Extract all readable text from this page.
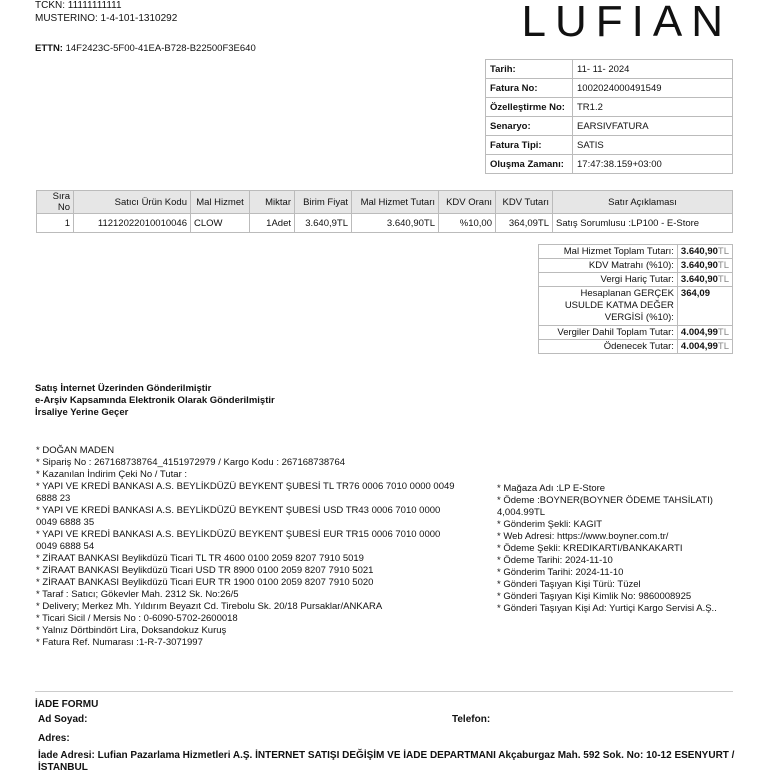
TCKN: 11111111111
MUSTERINO: 1-4-101-1310292	LUFIAN
ETTN: 14F2423C-5F00-41EA-B728-B22500F3E640
Tarih:	11- 11- 2024
Fatura No:	1002024000491549
Özelleştirme No:	TR1.2
Senaryo:	EARSIVFATURA
Fatura Tipi:	SATIS
Oluşma Zamanı:	17:47:38.159+03:00
Sıra No	Satıcı Ürün Kodu	Mal Hizmet	Miktar	Birim Fiyat	Mal Hizmet Tutarı	KDV Oranı	KDV Tutarı	Satır Açıklaması
1	11212022010010046	CLOW	1Adet	3.640,9TL	3.640,90TL	%10,00	364,09TL	Satış Sorumlusu :LP100 - E-Store
Mal Hizmet Toplam Tutarı:	3.640,90TL
KDV Matrahı (%10):	3.640,90TL
Vergi Hariç Tutar:	3.640,90TL
Hesaplanan GERÇEK USULDE KATMA DEĞER VERGİSİ (%10):	364,09
Vergiler Dahil Toplam Tutar:	4.004,99TL
Ödenecek Tutar:	4.004,99TL
Satış İnternet Üzerinden Gönderilmiştir
e-Arşiv Kapsamında Elektronik Olarak Gönderilmiştir
İrsaliye Yerine Geçer
* DOĞAN MADEN
* Sipariş No : 267168738764_4151972979 / Kargo Kodu : 267168738764
* Kazanılan İndirim Çeki No / Tutar :
* YAPI VE KREDİ BANKASI A.S. BEYLİKDÜZÜ BEYKENT ŞUBESİ TL TR76 0006 7010 0000 0049 6888 23
* YAPI VE KREDİ BANKASI A.S. BEYLİKDÜZÜ BEYKENT ŞUBESİ USD TR43 0006 7010 0000 0049 6888 35
* YAPI VE KREDİ BANKASI A.S. BEYLİKDÜZÜ BEYKENT ŞUBESİ EUR TR15 0006 7010 0000 0049 6888 54
* ZİRAAT BANKASI Beylikdüzü Ticari TL TR 4600 0100 2059 8207 7910 5019
* ZİRAAT BANKASI Beylikdüzü Ticari USD TR 8900 0100 2059 8207 7910 5021
* ZİRAAT BANKASI Beylikdüzü Ticari EUR TR 1900 0100 2059 8207 7910 5020
* Taraf : Satıcı; Gökevler Mah. 2312 Sk. No:26/5
* Delivery; Merkez Mh. Yıldırım Beyazıt Cd. Tirebolu Sk. 20/18 Pursaklar/ANKARA
* Ticari Sicil / Mersis No : 0-6090-5702-2600018
* Yalnız Dörtbindört Lira, Doksandokuz Kuruş
* Fatura Ref. Numarası :1-R-7-3071997
* Mağaza Adı :LP E-Store
* Ödeme :BOYNER(BOYNER ÖDEME TAHSİLATI) 4,004.99TL
* Gönderim Şekli: KAGIT
* Web Adresi: https://www.boyner.com.tr/
* Ödeme Şekli: KREDIKARTI/BANKAKARTI
* Ödeme Tarihi: 2024-11-10
* Gönderim Tarihi: 2024-11-10
* Gönderi Taşıyan Kişi Türü: Tüzel
* Gönderi Taşıyan Kişi Kimlik No: 9860008925
* Gönderi Taşıyan Kişi Ad: Yurtiçi Kargo Servisi A.Ş..
İADE FORMU
Ad Soyad:	Telefon:
Adres:
İade Adresi: Lufian Pazarlama Hizmetleri A.Ş. İNTERNET SATIŞI DEĞİŞİM VE İADE DEPARTMANI Akçaburgaz Mah. 592 Sok. No: 10-12 ESENYURT /İSTANBUL
